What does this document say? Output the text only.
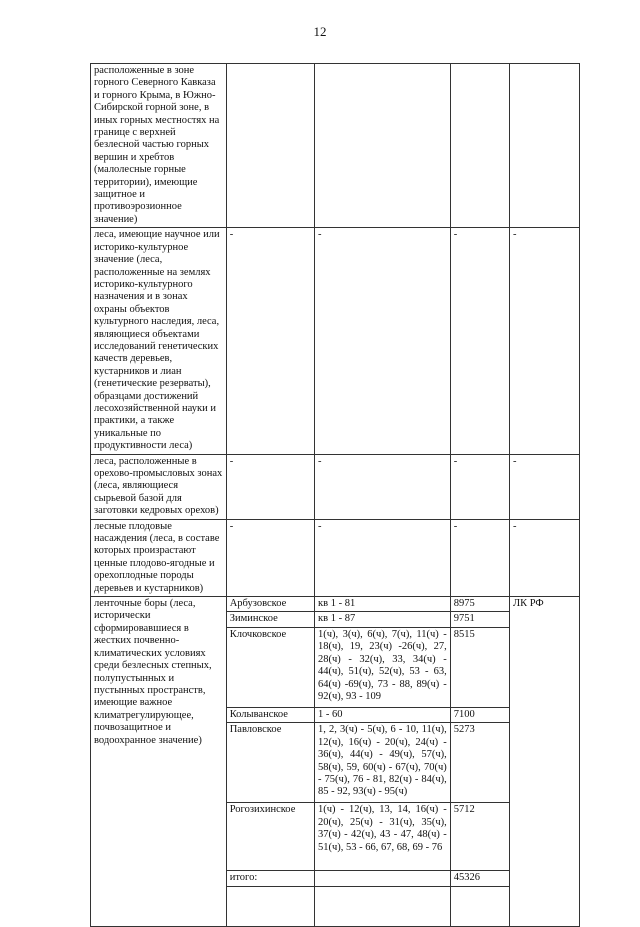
12
расположенные в зоне горного Северного Кавказа и горного Крыма, в Южно-Сибирской горной зоне, в иных горных местностях на границе с верхней безлесной частью горных вершин и хребтов (малолесные горные территории), имеющие защитное и противоэрозионное значение)				
леса, имеющие научное или историко-культурное значение (леса, расположенные на землях историко-культурного назначения и в зонах охраны объектов культурного наследия, леса, являющиеся объектами исследований генетических качеств деревьев, кустарников и лиан (генетические резерваты), образцами достижений лесохозяйственной науки и практики, а также уникальные по продуктивности леса)	-	-	-	-
леса, расположенные в орехово-промысловых зонах (леса, являющиеся сырьевой базой для заготовки кедровых орехов)	-	-	-	-
лесные плодовые насаждения (леса, в составе которых произрастают ценные плодово-ягодные и орехоплодные породы деревьев и кустарников)	-	-	-	-
ленточные боры (леса, исторически сформировавшиеся в жестких почвенно-климатических условиях среди безлесных степных, полупустынных и пустынных пространств, имеющие важное климатрегулирующее, почвозащитное и водоохранное значение)	Арбузовское	кв 1 - 81	8975	ЛК РФ
	Зиминское	кв 1 - 87	9751	
	Клочковское	1(ч), 3(ч), 6(ч), 7(ч), 11(ч) - 18(ч), 19, 23(ч) -26(ч), 27, 28(ч) - 32(ч), 33, 34(ч) - 44(ч), 51(ч), 52(ч), 53 - 63, 64(ч) -69(ч), 73 - 88, 89(ч) - 92(ч), 93 - 109	8515	
	Колыванское	1 - 60	7100	
	Павловское	1, 2, 3(ч) - 5(ч), 6 - 10, 11(ч), 12(ч), 16(ч) - 20(ч), 24(ч) - 36(ч), 44(ч) - 49(ч), 57(ч), 58(ч), 59, 60(ч) - 67(ч), 70(ч) - 75(ч), 76 - 81, 82(ч) - 84(ч), 85 - 92, 93(ч) - 95(ч)	5273	
	Рогозихинское	1(ч) - 12(ч), 13, 14, 16(ч) - 20(ч), 25(ч) - 31(ч), 35(ч), 37(ч) - 42(ч), 43 - 47, 48(ч) - 51(ч), 53 - 66, 67, 68, 69 - 76	5712	
	итого:		45326	
